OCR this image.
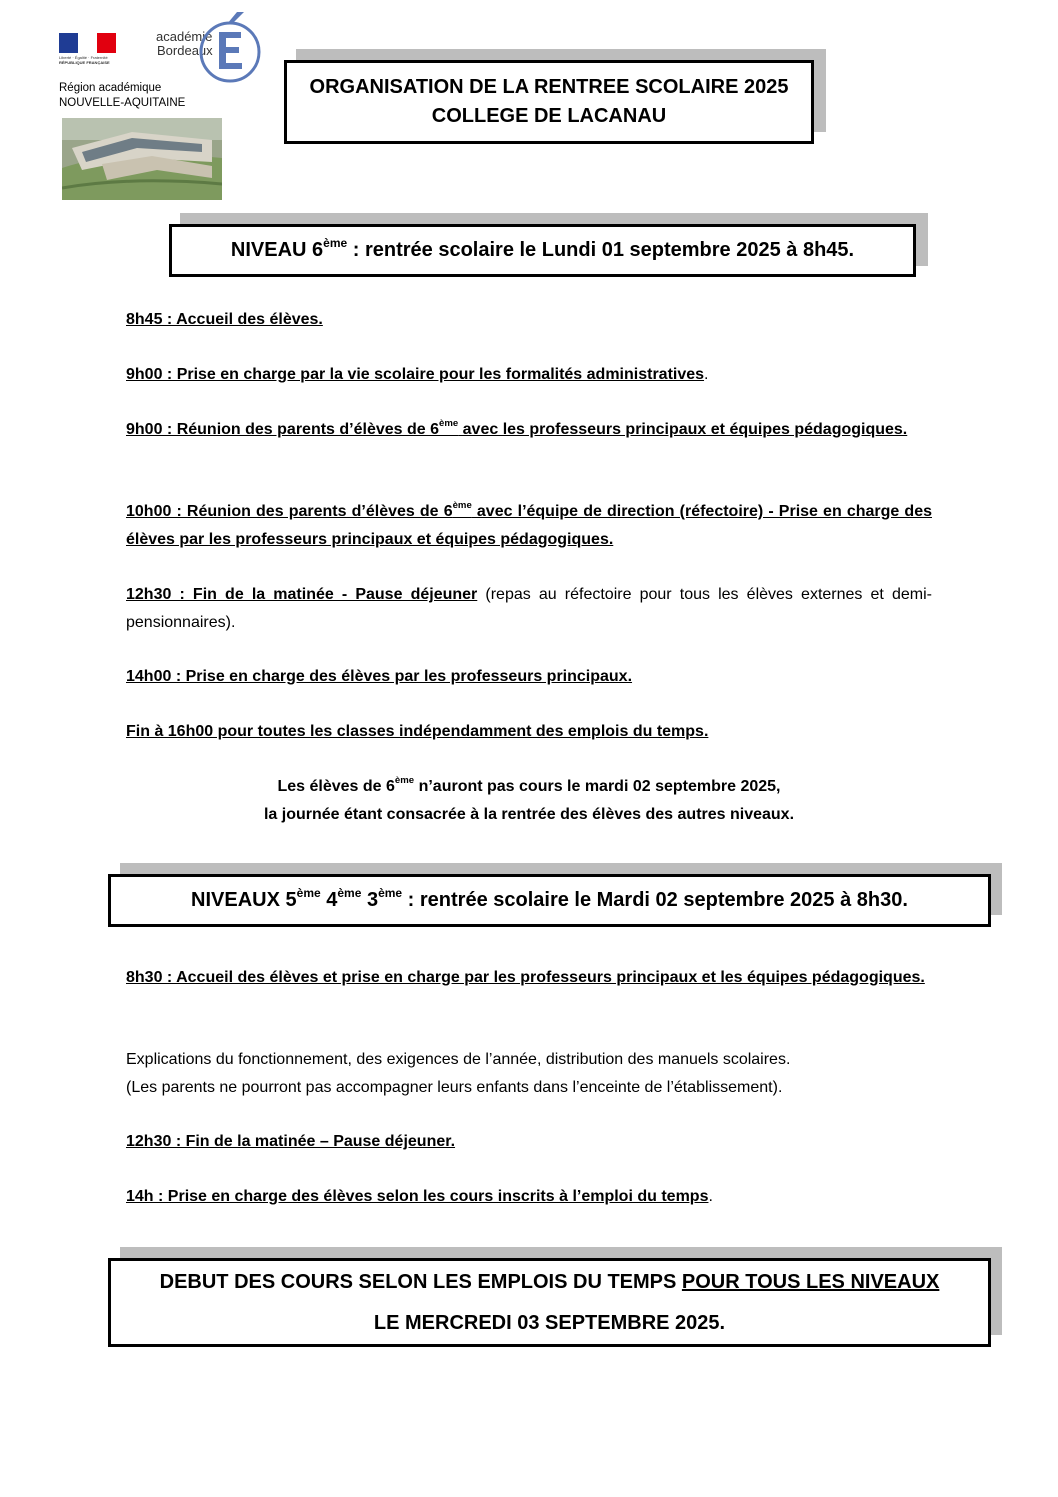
Liberté · Égalité · Fraternité
RÉPUBLIQUE FRANÇAISE
académie
Bordeaux
Région académique
NOUVELLE-AQUITAINE
ORGANISATION DE LA RENTREE SCOLAIRE 2025
COLLEGE DE LACANAU
NIVEAU 6ème : rentrée scolaire le Lundi 01 septembre 2025 à 8h45.
8h45 : Accueil des élèves.
9h00 : Prise en charge par la vie scolaire pour les formalités administratives.
9h00 : Réunion des parents d’élèves de 6ème avec les professeurs principaux et équipes pédagogiques.
10h00 : Réunion des parents d’élèves de 6ème avec l’équipe de direction (réfectoire) - Prise en charge des élèves par les professeurs principaux et équipes pédagogiques.
12h30 : Fin de la matinée - Pause déjeuner (repas au réfectoire pour tous les élèves externes et demi-pensionnaires).
14h00 : Prise en charge des élèves par les professeurs principaux.
Fin à 16h00 pour toutes les classes indépendamment des emplois du temps.
Les élèves de 6ème n’auront pas cours le mardi 02 septembre 2025,
la journée étant consacrée à la rentrée des élèves des autres niveaux.
NIVEAUX 5ème 4ème 3ème : rentrée scolaire le Mardi 02 septembre 2025 à 8h30.
8h30 : Accueil des élèves et prise en charge par les professeurs principaux et les équipes pédagogiques.
Explications du fonctionnement, des exigences de l’année, distribution des manuels scolaires.
(Les parents ne pourront pas accompagner leurs enfants dans l’enceinte de l’établissement).
12h30 : Fin de la matinée – Pause déjeuner.
14h : Prise en charge des élèves selon les cours inscrits à l’emploi du temps.
DEBUT DES COURS SELON LES EMPLOIS DU TEMPS POUR TOUS LES NIVEAUX
LE MERCREDI 03 SEPTEMBRE 2025.
